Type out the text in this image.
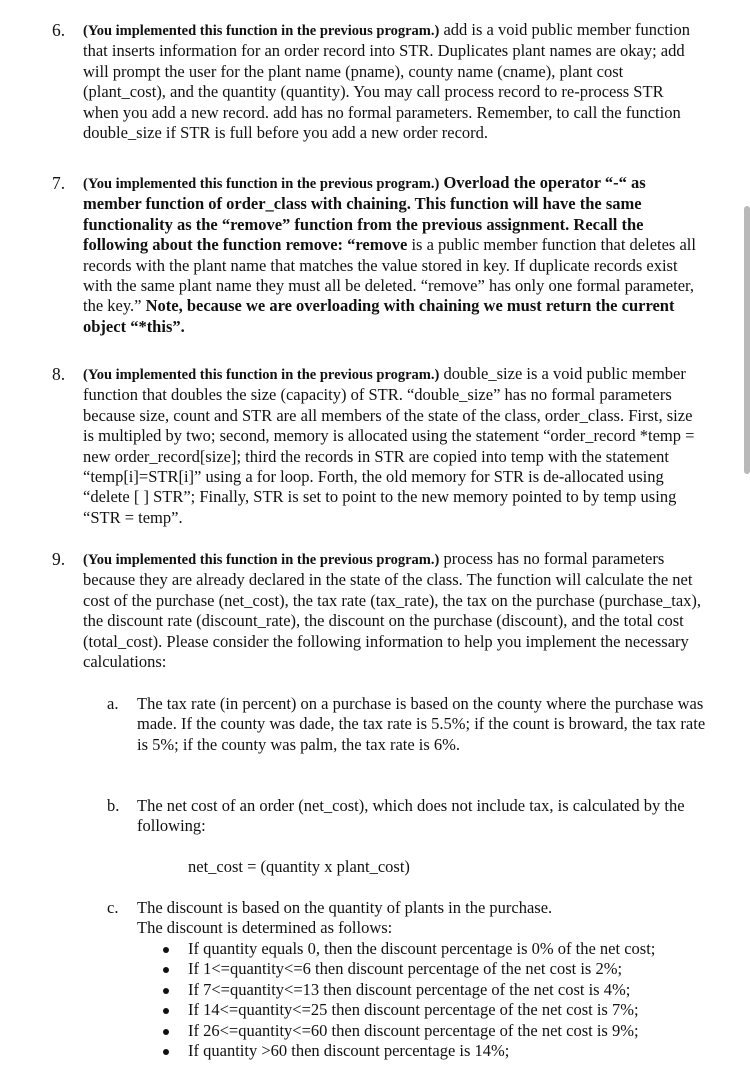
6. (You implemented this function in the previous program.) add is a void public member function that inserts information for an order record into STR. Duplicates plant names are okay; add will prompt the user for the plant name (pname), county name (cname), plant cost (plant_cost), and the quantity (quantity). You may call process record to re-process STR when you add a new record. add has no formal parameters. Remember, to call the function double_size if STR is full before you add a new order record.
7. (You implemented this function in the previous program.) Overload the operator “-“ as member function of order_class with chaining. This function will have the same functionality as the “remove” function from the previous assignment. Recall the following about the function remove: “remove is a public member function that deletes all records with the plant name that matches the value stored in key. If duplicate records exist with the same plant name they must all be deleted. “remove” has only one formal parameter, the key.” Note, because we are overloading with chaining we must return the current object “*this”.
8. (You implemented this function in the previous program.) double_size is a void public member function that doubles the size (capacity) of STR. “double_size” has no formal parameters because size, count and STR are all members of the state of the class, order_class. First, size is multipled by two; second, memory is allocated using the statement “order_record *temp = new order_record[size]; third the records in STR are copied into temp with the statement “temp[i]=STR[i]” using a for loop. Forth, the old memory for STR is de-allocated using “delete [ ] STR”; Finally, STR is set to point to the new memory pointed to by temp using “STR = temp”.
9. (You implemented this function in the previous program.) process has no formal parameters because they are already declared in the state of the class. The function will calculate the net cost of the purchase (net_cost), the tax rate (tax_rate), the tax on the purchase (purchase_tax), the discount rate (discount_rate), the discount on the purchase (discount), and the total cost (total_cost). Please consider the following information to help you implement the necessary calculations:
a. The tax rate (in percent) on a purchase is based on the county where the purchase was made. If the county was dade, the tax rate is 5.5%; if the count is broward, the tax rate is 5%; if the county was palm, the tax rate is 6%.
b. The net cost of an order (net_cost), which does not include tax, is calculated by the following:
net_cost = (quantity x plant_cost)
c. The discount is based on the quantity of plants in the purchase.
The discount is determined as follows:
If quantity equals 0, then the discount percentage is 0% of the net cost;
If 1<=quantity<=6 then discount percentage of the net cost is 2%;
If 7<=quantity<=13 then discount percentage of the net cost is 4%;
If 14<=quantity<=25 then discount percentage of the net cost is 7%;
If 26<=quantity<=60 then discount percentage of the net cost is 9%;
If quantity >60 then discount percentage is 14%;
